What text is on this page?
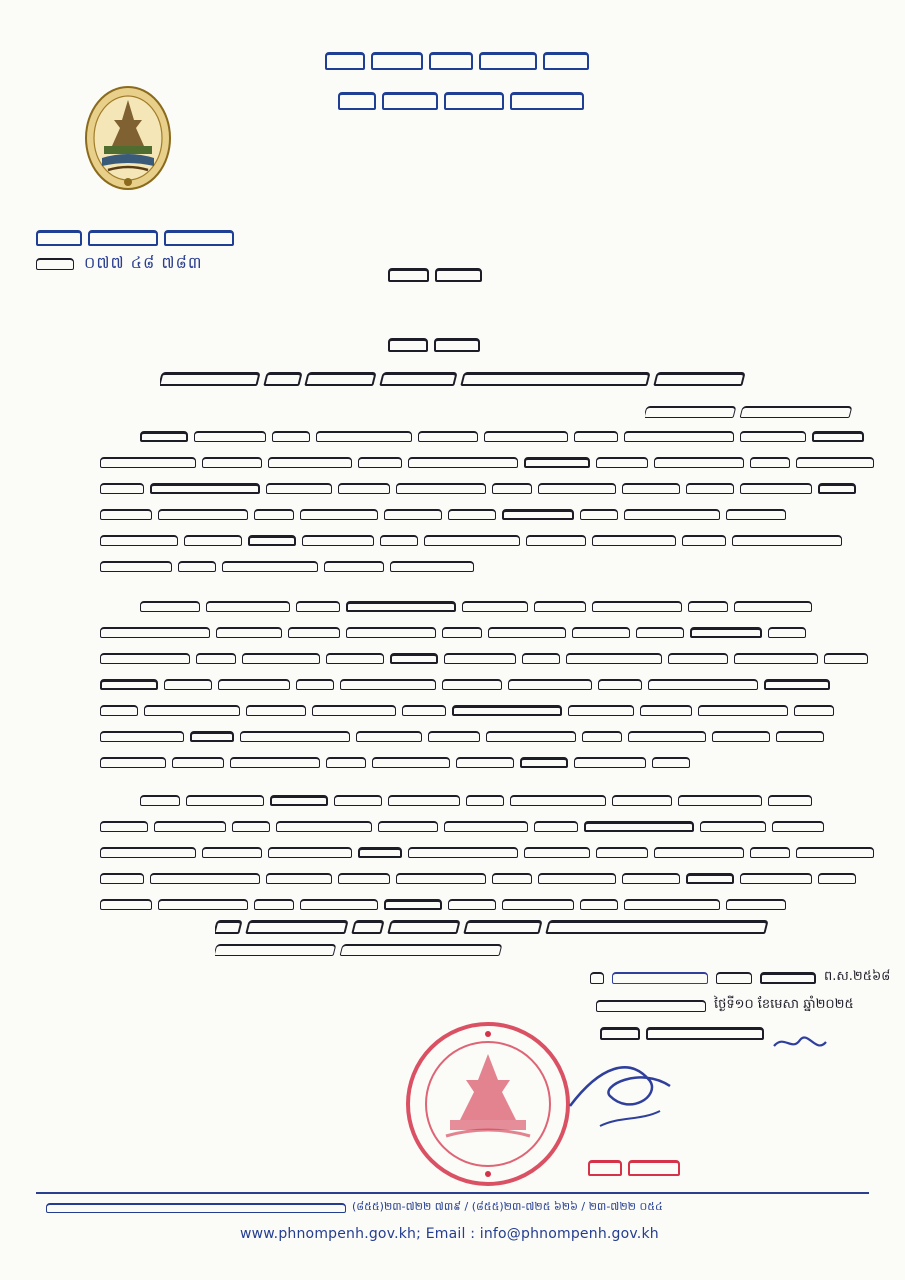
០៧៧ ៤៨ ៧៨៣
ព.ស.២៥៦៨
ថ្ងៃទី១០ ខែមេសា ឆ្នាំ២០២៥
(៨៥៥)២៣-៧២២ ៧៣៩ / (៨៥៥)២៣-៧២៥ ៦២៦ / ២៣-៧២២ ០៥៤
www.phnompenh.gov.kh; Email : info@phnompenh.gov.kh
